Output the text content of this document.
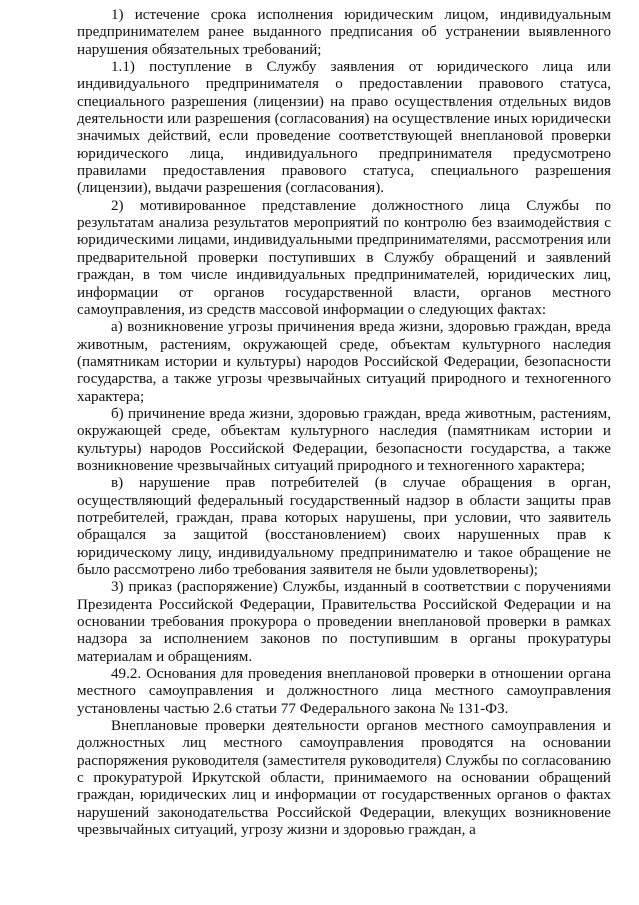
1) истечение срока исполнения юридическим лицом, индивидуальным предпринимателем ранее выданного предписания об устранении выявленного нарушения обязательных требований;

1.1) поступление в Службу заявления от юридического лица или индивидуального предпринимателя о предоставлении правового статуса, специального разрешения (лицензии) на право осуществления отдельных видов деятельности или разрешения (согласования) на осуществление иных юридически значимых действий, если проведение соответствующей внеплановой проверки юридического лица, индивидуального предпринимателя предусмотрено правилами предоставления правового статуса, специального разрешения (лицензии), выдачи разрешения (согласования).

2) мотивированное представление должностного лица Службы по результатам анализа результатов мероприятий по контролю без взаимодействия с юридическими лицами, индивидуальными предпринимателями, рассмотрения или предварительной проверки поступивших в Службу обращений и заявлений граждан, в том числе индивидуальных предпринимателей, юридических лиц, информации от органов государственной власти, органов местного самоуправления, из средств массовой информации о следующих фактах:

а) возникновение угрозы причинения вреда жизни, здоровью граждан, вреда животным, растениям, окружающей среде, объектам культурного наследия (памятникам истории и культуры) народов Российской Федерации, безопасности государства, а также угрозы чрезвычайных ситуаций природного и техногенного характера;

б) причинение вреда жизни, здоровью граждан, вреда животным, растениям, окружающей среде, объектам культурного наследия (памятникам истории и культуры) народов Российской Федерации, безопасности государства, а также возникновение чрезвычайных ситуаций природного и техногенного характера;

в) нарушение прав потребителей (в случае обращения в орган, осуществляющий федеральный государственный надзор в области защиты прав потребителей, граждан, права которых нарушены, при условии, что заявитель обращался за защитой (восстановлением) своих нарушенных прав к юридическому лицу, индивидуальному предпринимателю и такое обращение не было рассмотрено либо требования заявителя не были удовлетворены);

3) приказ (распоряжение) Службы, изданный в соответствии с поручениями Президента Российской Федерации, Правительства Российской Федерации и на основании требования прокурора о проведении внеплановой проверки в рамках надзора за исполнением законов по поступившим в органы прокуратуры материалам и обращениям.

49.2. Основания для проведения внеплановой проверки в отношении органа местного самоуправления и должностного лица местного самоуправления установлены частью 2.6 статьи 77 Федерального закона № 131-ФЗ.

Внеплановые проверки деятельности органов местного самоуправления и должностных лиц местного самоуправления проводятся на основании распоряжения руководителя (заместителя руководителя) Службы по согласованию с прокуратурой Иркутской области, принимаемого на основании обращений граждан, юридических лиц и информации от государственных органов о фактах нарушений законодательства Российской Федерации, влекущих возникновение чрезвычайных ситуаций, угрозу жизни и здоровью граждан, а
